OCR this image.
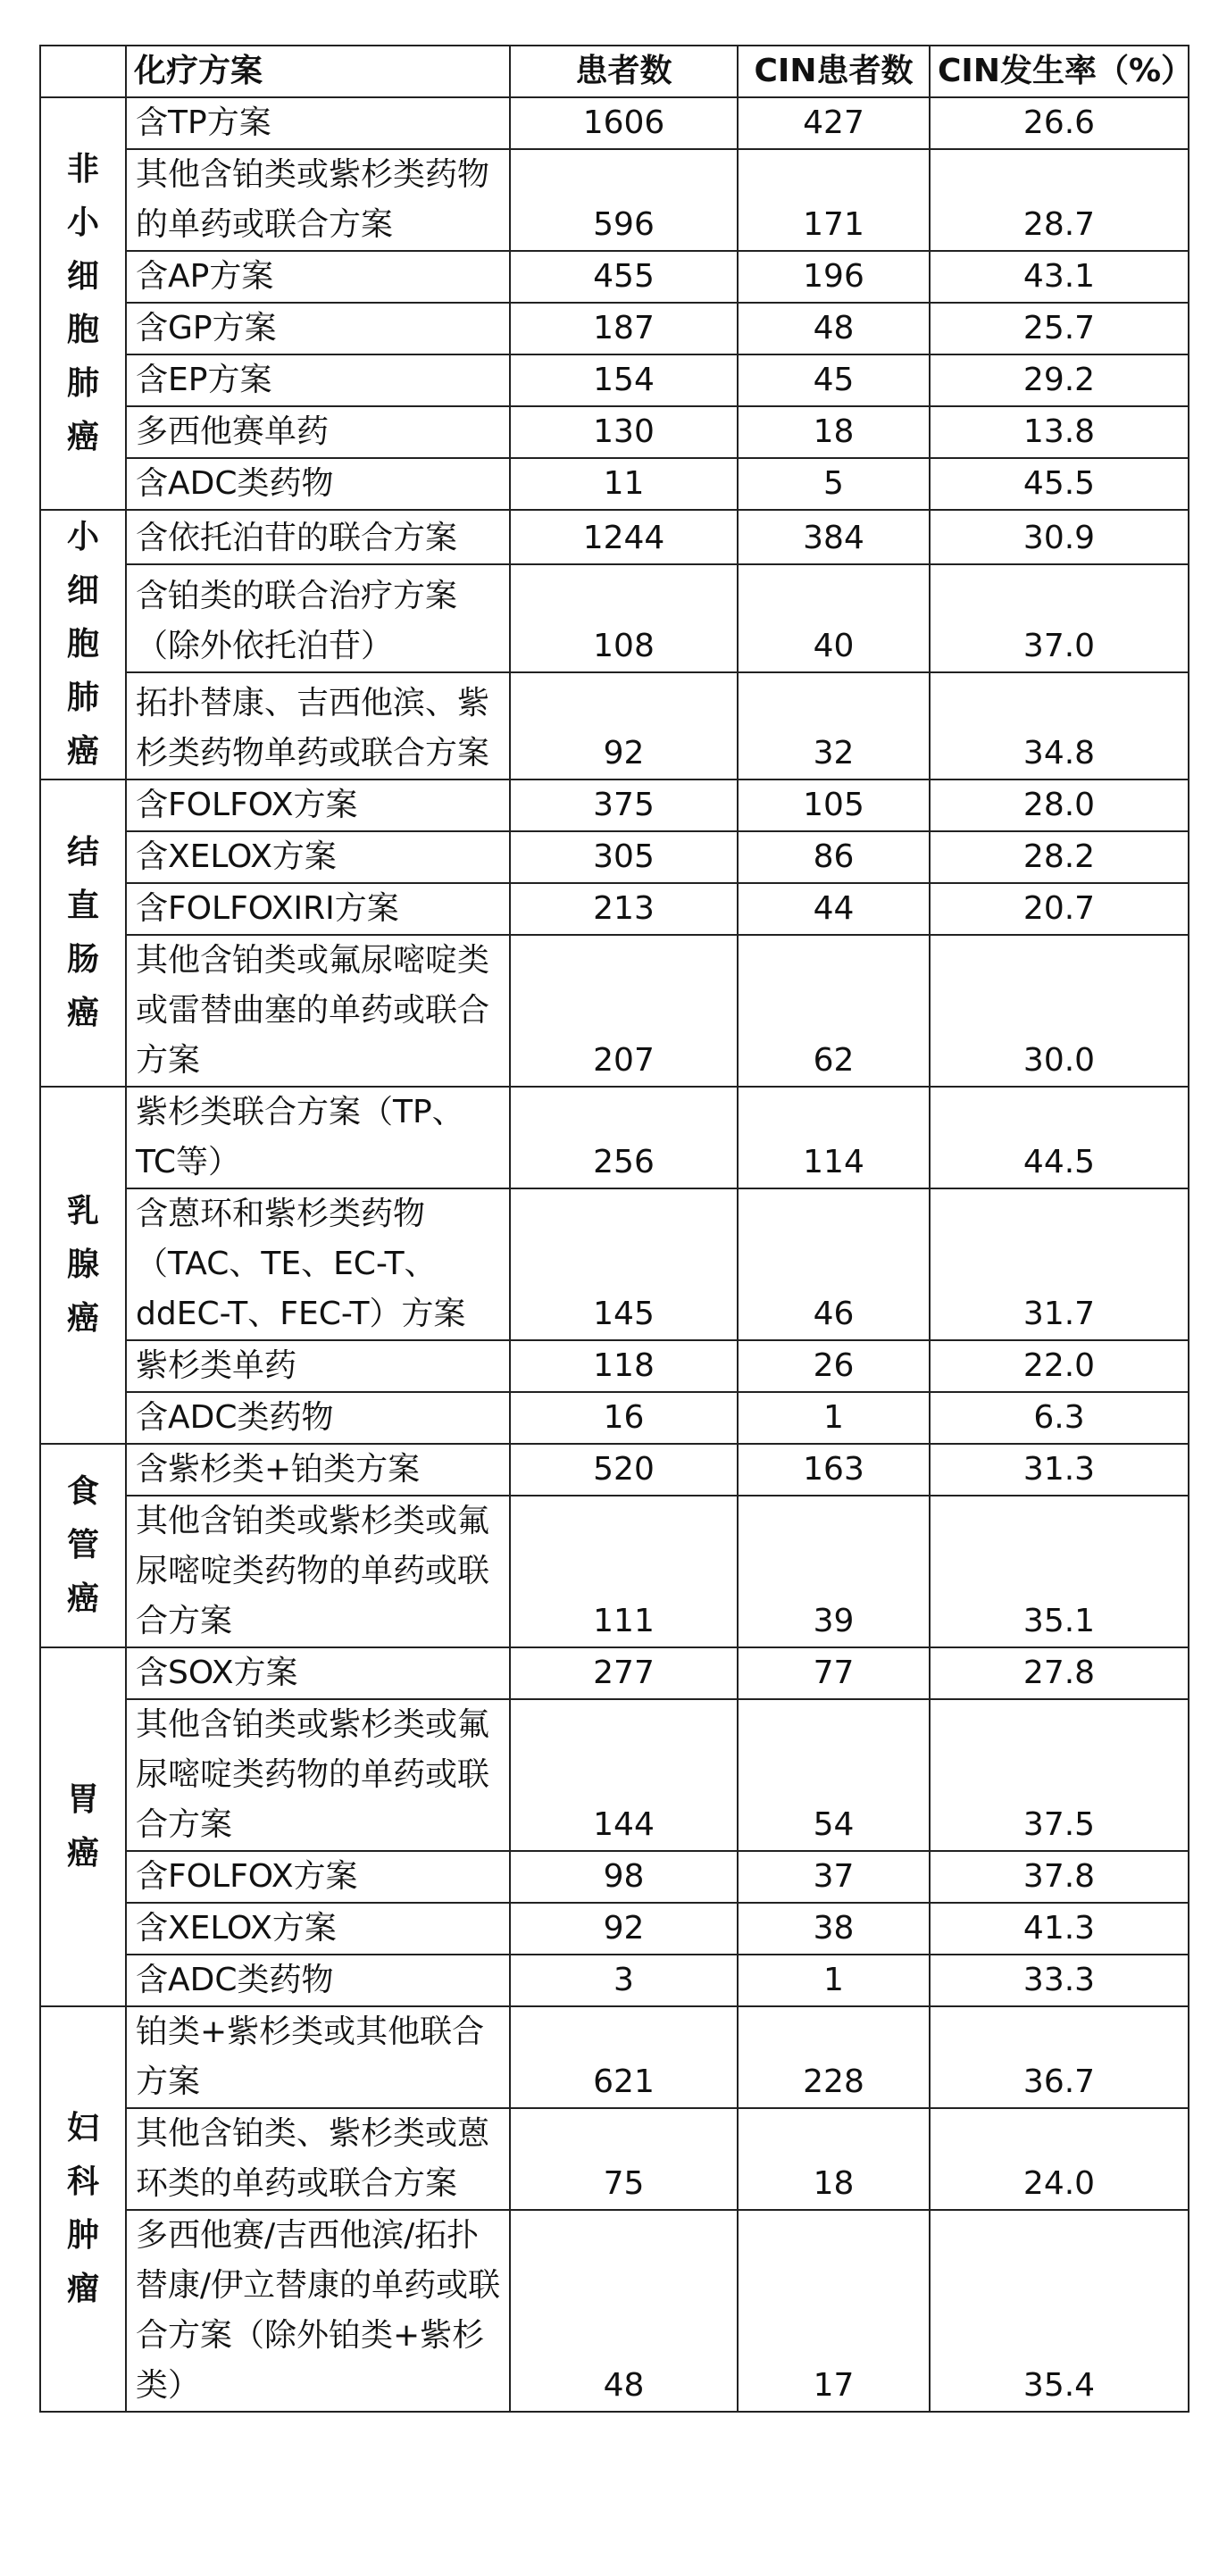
	化疗方案	患者数	CIN患者数	CIN发生率（%）

非小细胞肺癌	含TP方案	1606	427	26.6
	其他含铂类或紫杉类药物的单药或联合方案	596	171	28.7
	含AP方案	455	196	43.1
	含GP方案	187	48	25.7
	含EP方案	154	45	29.2
	多西他赛单药	130	18	13.8
	含ADC类药物	11	5	45.5

小细胞肺癌	含依托泊苷的联合方案	1244	384	30.9
	含铂类的联合治疗方案（除外依托泊苷）	108	40	37.0
	拓扑替康、吉西他滨、紫杉类药物单药或联合方案	92	32	34.8

结直肠癌	含FOLFOX方案	375	105	28.0
	含XELOX方案	305	86	28.2
	含FOLFOXIRI方案	213	44	20.7
	其他含铂类或氟尿嘧啶类或雷替曲塞的单药或联合方案	207	62	30.0

乳腺癌	紫杉类联合方案（TP、TC等）	256	114	44.5
	含蒽环和紫杉类药物（TAC、TE、EC-T、ddEC-T、FEC-T）方案	145	46	31.7
	紫杉类单药	118	26	22.0
	含ADC类药物	16	1	6.3

食管癌	含紫杉类+铂类方案	520	163	31.3
	其他含铂类或紫杉类或氟尿嘧啶类药物的单药或联合方案	111	39	35.1

胃癌	含SOX方案	277	77	27.8
	其他含铂类或紫杉类或氟尿嘧啶类药物的单药或联合方案	144	54	37.5
	含FOLFOX方案	98	37	37.8
	含XELOX方案	92	38	41.3
	含ADC类药物	3	1	33.3

妇科肿瘤	铂类+紫杉类或其他联合方案	621	228	36.7
	其他含铂类、紫杉类或蒽环类的单药或联合方案	75	18	24.0
	多西他赛/吉西他滨/拓扑替康/伊立替康的单药或联合方案（除外铂类+紫杉类）	48	17	35.4
